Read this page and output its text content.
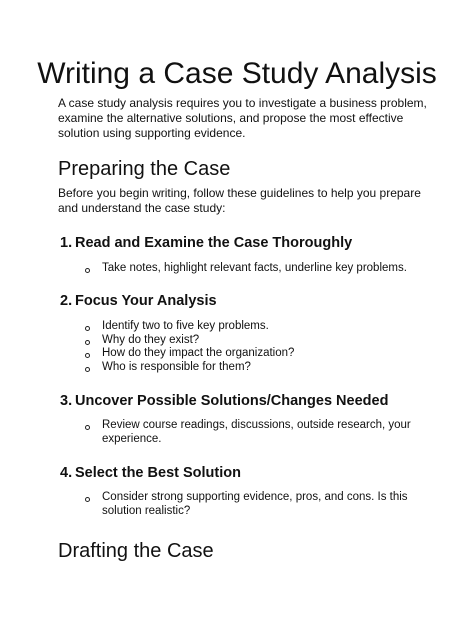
Writing a Case Study Analysis

A case study analysis requires you to investigate a business problem, examine the alternative solutions, and propose the most effective solution using supporting evidence.

Preparing the Case

Before you begin writing, follow these guidelines to help you prepare and understand the case study:

1. Read and Examine the Case Thoroughly
Take notes, highlight relevant facts, underline key problems.
2. Focus Your Analysis
Identify two to five key problems.
Why do they exist?
How do they impact the organization?
Who is responsible for them?
3. Uncover Possible Solutions/Changes Needed
Review course readings, discussions, outside research, your experience.
4. Select the Best Solution
Consider strong supporting evidence, pros, and cons. Is this solution realistic?
Drafting the Case
